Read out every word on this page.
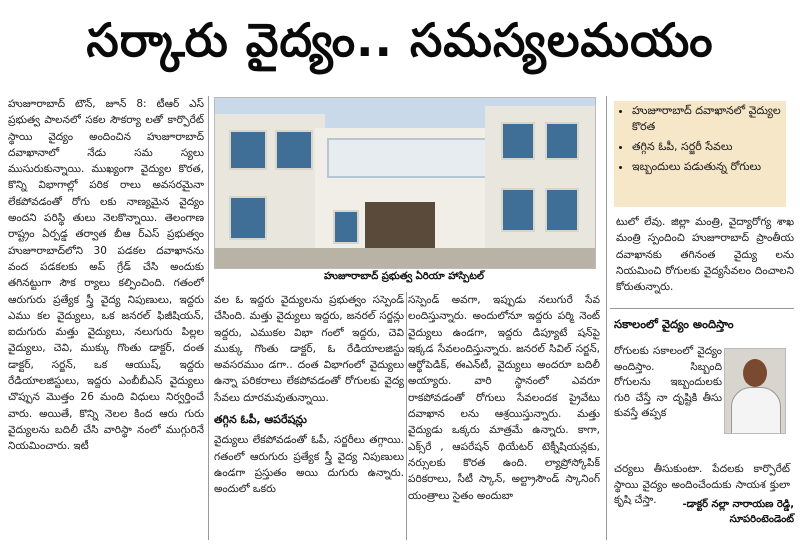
సర్కారు వైద్యం.. సమస్యలమయం

హుజూరాబాద్ టౌన్, జూన్ 8: టీఆర్ ఎస్ ప్రభుత్వ పాలనలో సకల సౌకర్యా లతో కార్పొరేట్ స్థాయి వైద్యం అందించిన హుజూరాబాద్ దవాఖానాలో నేడు సమ స్యలు ముసురుకున్నాయి. ముఖ్యంగా వైద్యుల కొరత, కొన్ని విభాగాల్లో పరిక రాలు అవసరమైనా లేకపోవడంతో రోగు లకు నాణ్యమైన వైద్యం అందని పరిస్థి తులు నెలకొన్నాయి. తెలంగాణ రాష్ట్రం ఏర్పడ్డ తర్వాత బీఆ ర్ఎస్ ప్రభుత్వం హుజూరాబాద్‌లోని 30 పడకల దవాఖానను వంద పడకలకు అప్ గ్రేడ్ చేసి అందుకు తగినట్టుగా సౌక ర్యాలు కల్పించింది. గతంలో ఆరుగురు ప్రత్యేక స్త్రీ వైద్య నిపుణులు, ఇద్దరు ఎము కల వైద్యులు, ఒక జనరల్ ఫిజీషియన్, ఐదుగురు మత్తు వైద్యులు, నలుగురు పిల్లల వైద్యులు, చెవి, ముక్కు గొంతు డాక్టర్, దంత డాక్టర్, సర్జన్, ఒక ఆయుష్, ఇద్దరు రేడియాలజిస్టులు, ఇద్దరు ఎంబీబీఎస్ వైద్యులు చొప్పున మొత్తం 26 మంది విధులు నిర్వర్తించే వారు. అయితే, కొన్ని నెలల కింద ఆరు గురు వైద్యులను బదిలీ చేసి వారిస్థా నంలో ముగ్గురినే నియమించారు. ఇటీ

హుజూరాబాద్ ప్రభుత్వ ఏరియా హాస్పిటల్
• హుజూరాబాద్ దవాఖానలో వైద్యుల కొరత
• తగ్గిన ఓపీ, సర్జరీ సేవలు
• ఇబ్బందులు పడుతున్న రోగులు

వల ఓ ఇద్దరు వైద్యులను ప్రభుత్వం సస్పెండ్ చేసింది. మత్తు వైద్యులు ఇద్దరు, జనరల్ సర్జన్లు ఇద్దరు, ఎముకల విభా గంలో ఇద్దరు, చెవి ముక్కు గొంతు డాక్టర్, ఓ రేడియాలజిస్టు అవసరముం డగా.. దంత విభాగంలో వైద్యులు ఉన్నా పరికరాలు లేకపోవడంతో రోగులకు వైద్య సేవలు దూరమవుతున్నాయి.

తగ్గిన ఓపీ, ఆపరేషన్లు

వైద్యులు లేకపోవడంతో ఓపీ, సర్జరీలు తగ్గాయి. గతంలో ఆరుగురు ప్రత్యేక స్త్రీ వైద్య నిపుణులు ఉండగా ప్రస్తుతం అయి దుగురు ఉన్నారు. అందులో ఒకరు

సస్పెండ్ అవగా, ఇప్పుడు నలుగురే సేవ లందిస్తున్నారు. అందులోనూ ఇద్దరు పర్మి నెంట్ వైద్యులు ఉండగా, ఇద్దరు డిప్యూటే షన్‌పై ఇక్కడ సేవలందిస్తున్నారు. జనరల్ సివిల్ సర్జన్, ఆర్థోపెడిక్, ఈఎన్‌టీ, వైద్యులు అందరూ బదిలీ అయ్యారు. వారి స్థానంలో ఎవరూ రాకపోవడంతో రోగులు సేవలందక ప్రైవేటు దవాఖాన లను ఆశ్రయిస్తున్నారు. మత్తు వైద్యుడు ఒక్కరు మాత్రమే ఉన్నారు. కాగా, ఎక్స్‌రే , ఆపరేషన్ థియేటర్ టెక్నీషియన్లకు, నర్సులకు కొరత ఉంది. ల్యాప్రోస్కోపిక్ పరికరాలు, సీటీ స్కాన్, అల్ట్రాసౌండ్ స్కానింగ్ యంత్రాలు సైతం అందుబా

టులో లేవు. జిల్లా మంత్రి, వైద్యారోగ్య శాఖ మంత్రి స్పందించి హుజూరాబాద్ ప్రాంతీయ దవాఖానకు తగినంత వైద్యు లను నియమించి రోగులకు వైద్యసేవలం దించాలని కోరుతున్నారు.

సకాలంలో వైద్యం అందిస్తాం
రోగులకు సకాలంలో వైద్యం అందిస్తాం. సిబ్బంది రోగులను ఇబ్బందులకు గురి చేస్తే నా దృష్టికి తీసు కువస్తే తప్పక
చర్యలు తీసుకుంటా. పేదలకు కార్పొరేట్ స్థాయి వైద్యం అందించేందుకు సాయశ క్తులా కృషి చేస్తా.	-డాక్టర్ నల్లా నారాయణ రెడ్డి,
సూపరింటెండెంట్
